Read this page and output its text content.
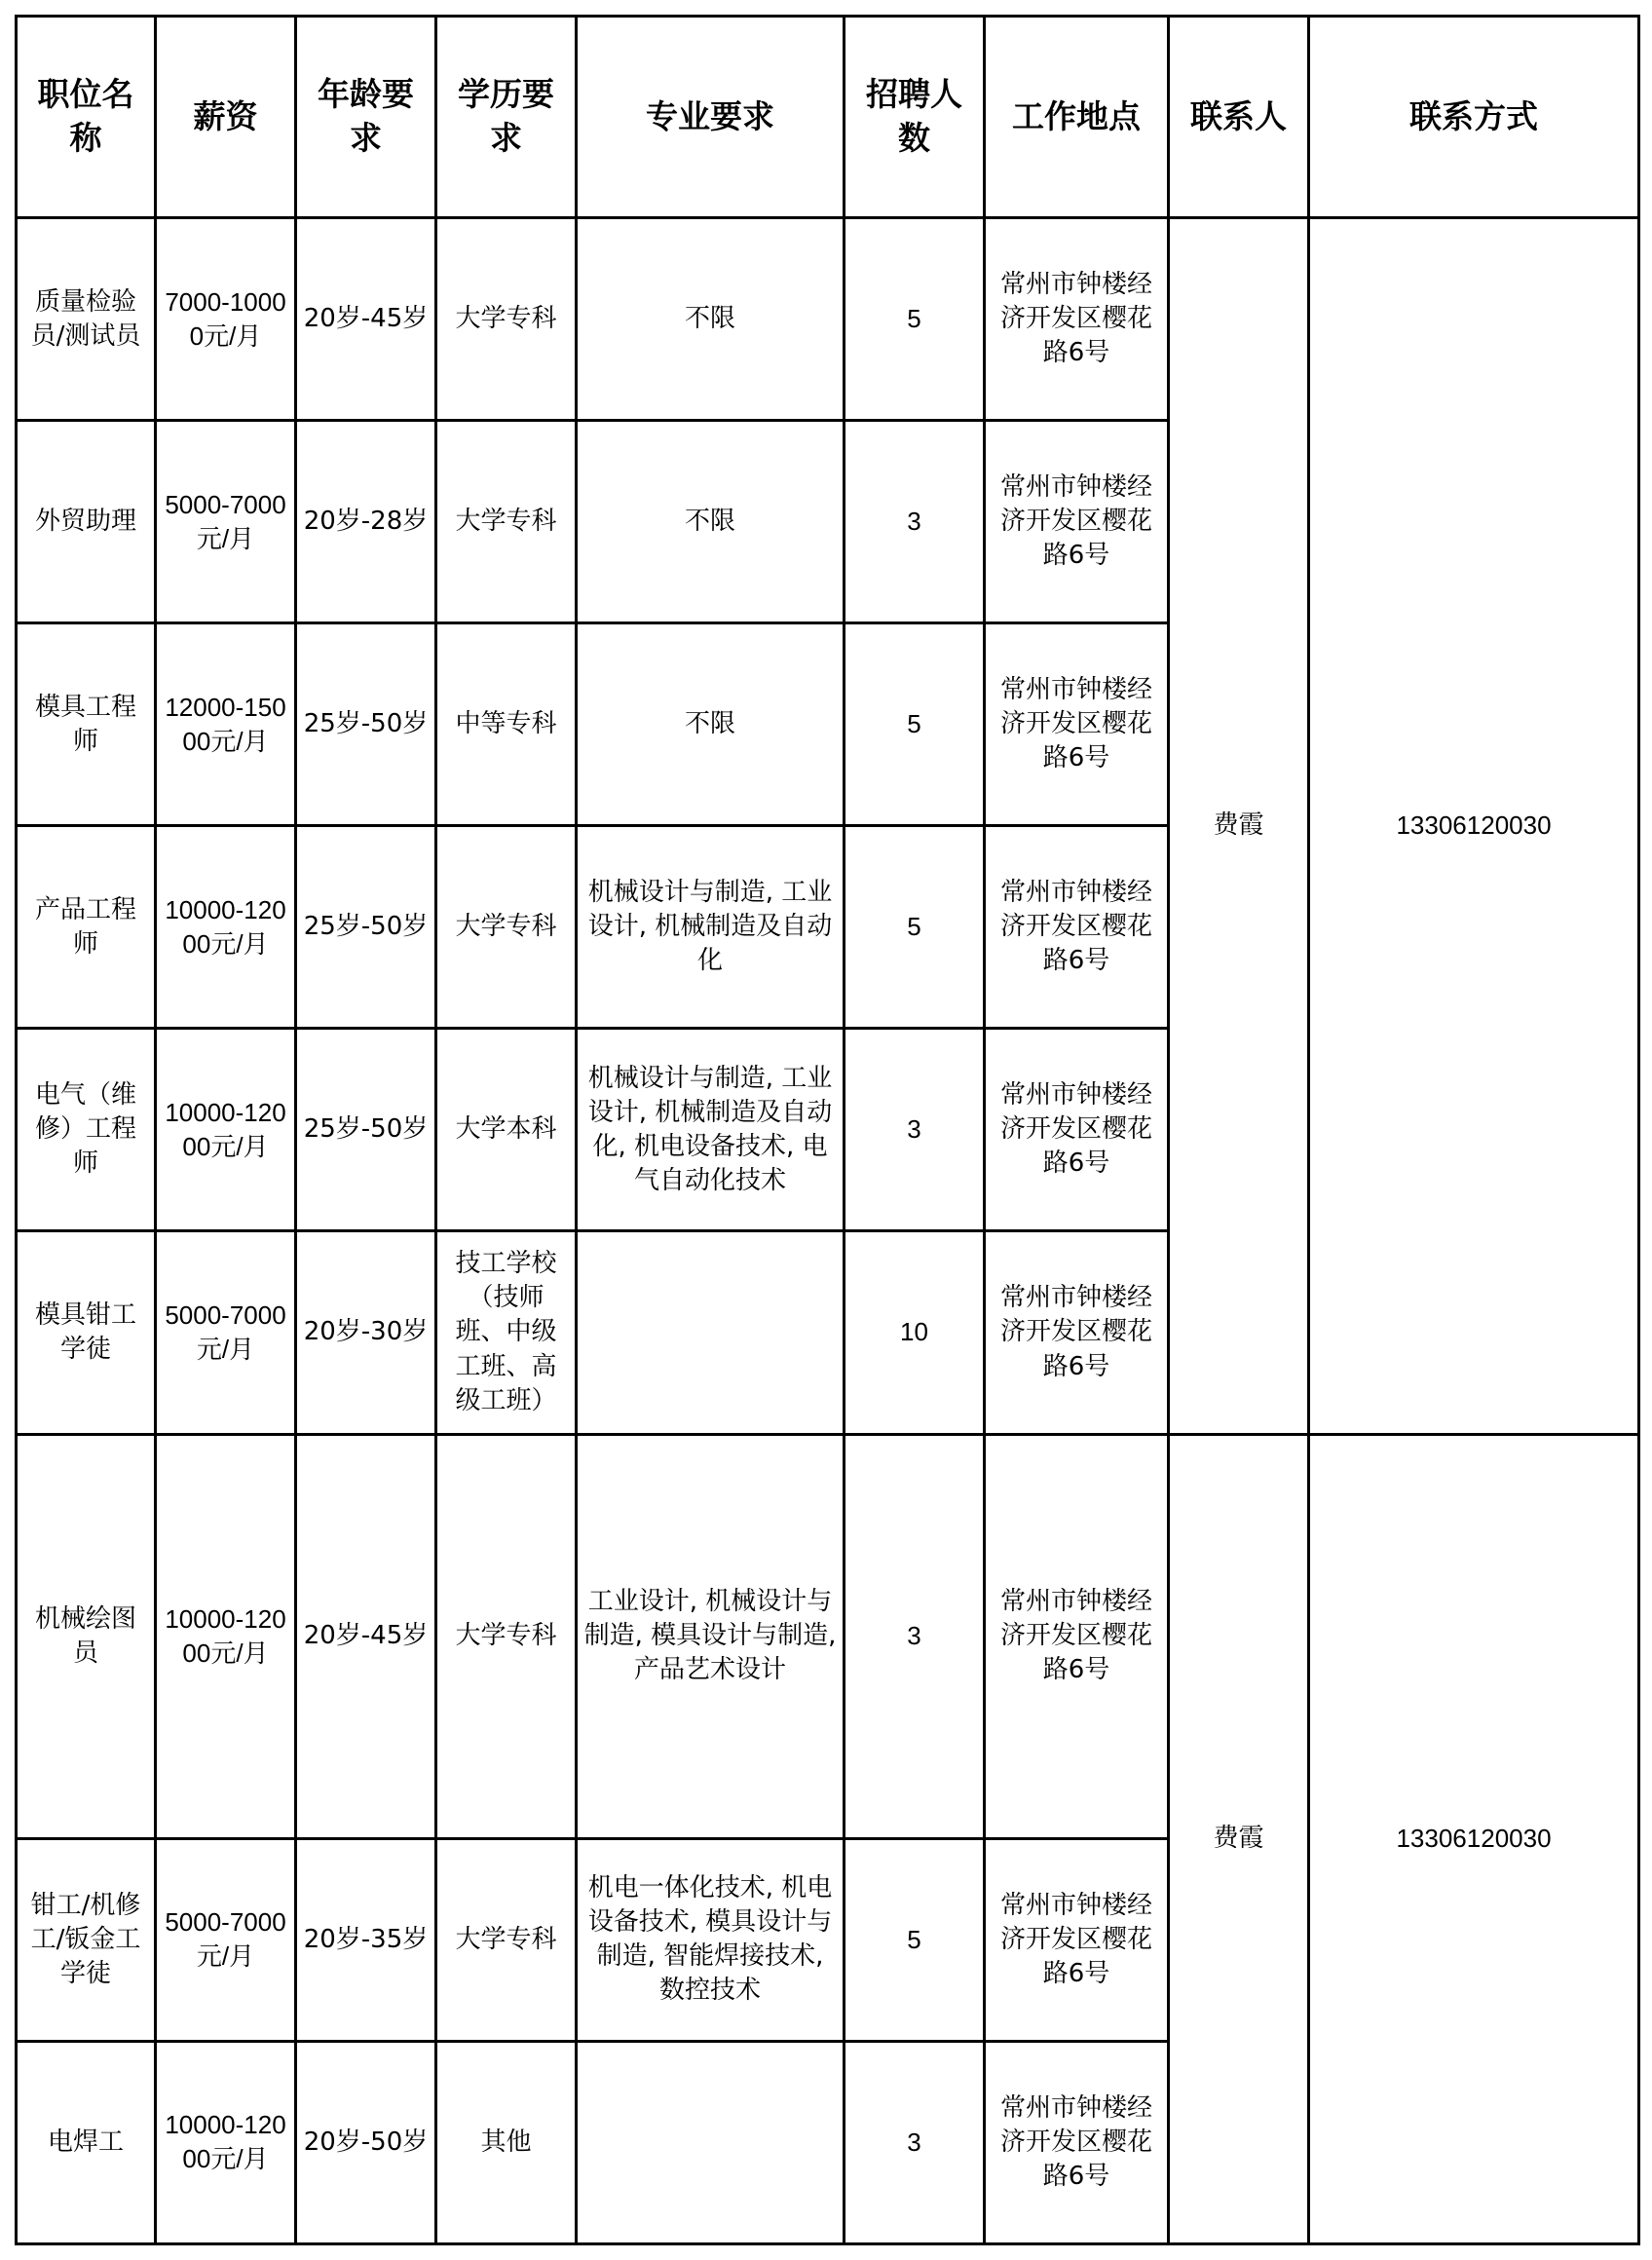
职位名称	薪资	年龄要求	学历要求	专业要求	招聘人数	工作地点	联系人	联系方式
质量检验员/测试员	7000-10000元/月	20岁-45岁	大学专科	不限	5	常州市钟楼经济开发区樱花路6号	费霞	13306120030
外贸助理	5000-7000元/月	20岁-28岁	大学专科	不限	3	常州市钟楼经济开发区樱花路6号		
模具工程师	12000-15000元/月	25岁-50岁	中等专科	不限	5	常州市钟楼经济开发区樱花路6号		
产品工程师	10000-12000元/月	25岁-50岁	大学专科	机械设计与制造, 工业设计, 机械制造及自动化	5	常州市钟楼经济开发区樱花路6号		
电气（维修）工程师	10000-12000元/月	25岁-50岁	大学本科	机械设计与制造, 工业设计, 机械制造及自动化, 机电设备技术, 电气自动化技术	3	常州市钟楼经济开发区樱花路6号		
模具钳工学徒	5000-7000元/月	20岁-30岁	技工学校（技师班、中级工班、高级工班）		10	常州市钟楼经济开发区樱花路6号		
机械绘图员	10000-12000元/月	20岁-45岁	大学专科	工业设计, 机械设计与制造, 模具设计与制造, 产品艺术设计	3	常州市钟楼经济开发区樱花路6号	费霞	13306120030
钳工/机修工/钣金工学徒	5000-7000元/月	20岁-35岁	大学专科	机电一体化技术, 机电设备技术, 模具设计与制造, 智能焊接技术, 数控技术	5	常州市钟楼经济开发区樱花路6号		
电焊工	10000-12000元/月	20岁-50岁	其他		3	常州市钟楼经济开发区樱花路6号		
